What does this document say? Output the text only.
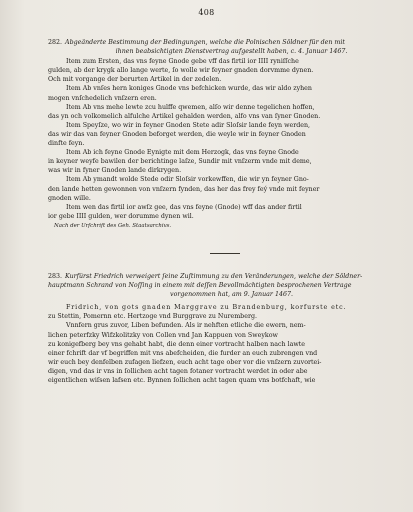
408
282. Abgeänderte Bestimmung der Bedingungen, welche die Polnischen Söldner für den mit
ihnen beabsichtigten Dienstvertrag aufgestellt haben, c. 4. Januar 1467.
Item zum Ersten, das vns feyne Gnode gebe vff das firtil ior IIII ryniſſche
gulden, ab der krygk allo lange werte, ſo wolle wir feyner gnaden dorvmme dynen.
Och mit vorgange der berurten Artikel in der zedelen.
Item Ab vnſes hern koniges Gnode vns befchicken wurde, das wir aldo zyhen
mogen vnſchedelich vnſzern eren.
Item Ab vns mehe lewte zcu hulffe qwemen, alſo wir denne tegelichen hoffen,
das yn och volkomelich alfulche Artikel gehalden werden, alfo vns van ſyner Gnoden.
Item Speyſze, wo wir in feyner Gnoden Stete adir Sloſsir lande feyn werden,
das wir das van feyner Gnoden beforget werden, die weyle wir in feyner Gnoden
dinfte feyn.
Item Ab ich feyne Gnode Eynigte mit dem Herzogk, das vns feyne Gnode
in keyner weyfe bawilen der berichtinge laſze, Sundir mit vnſzerm vnde mit deme,
was wir in fyner Gnoden lande dirkrygen.
Item Ab ymandt wolde Stede odir Sloſsir vorkewffen, die wir yn feyner Gno-
den lande hetten gewonnen von vnſzern fynden, das her das frey feý vnde mit feyner
gnoden wille.
Item wen das firtil ior awſz gee, das vns feyne (Gnode) wff das ander firtil
ior gebe IIII gulden, wer dorumme dynen wil.
Nach der Urſchrift des Geh. Staatsarchivs.
283. Kurfürst Friedrich verweigert ſeine Zuſtimmung zu den Veränderungen, welche der Söldner-
hauptmann Schrand von Noſſing in einem mit deſſen Bevollmächtigten besprochenen Vertrage
vorgenommen hat, am 9. Januar 1467.
Fridrich, von gots gnaden Marggrave zu Brandenburg, korfurste etc.
zu Stettin, Pomernn etc. Hertzoge vnd Burggrave zu Nuremberg.
Vnnfern grus zuvor, Liben befunden. Als ir nehften etliche die ewern, nem-
lichen peterfzky Wifzkolitzky von Collen vnd Jan Kappuen von Sweykow
zu konigefberg bey vns gehabt habt, die denn einer vortracht halben nach lawte
einer fchrift dar vf begriffen mit vns abefcheiden, die furder an euch zubrengen vnd
wir euch bey denfelben zufagen liefzen, euch acht tage ober vor die vnſzern zuvortei-
digen, vnd das ir vns in ſollichen acht tagen fotaner vortracht werdet in oder abe
eigentlichen wiſsen lafsen etc. Bynnen ſollichen acht tagen quam vns botfchaft, wie
